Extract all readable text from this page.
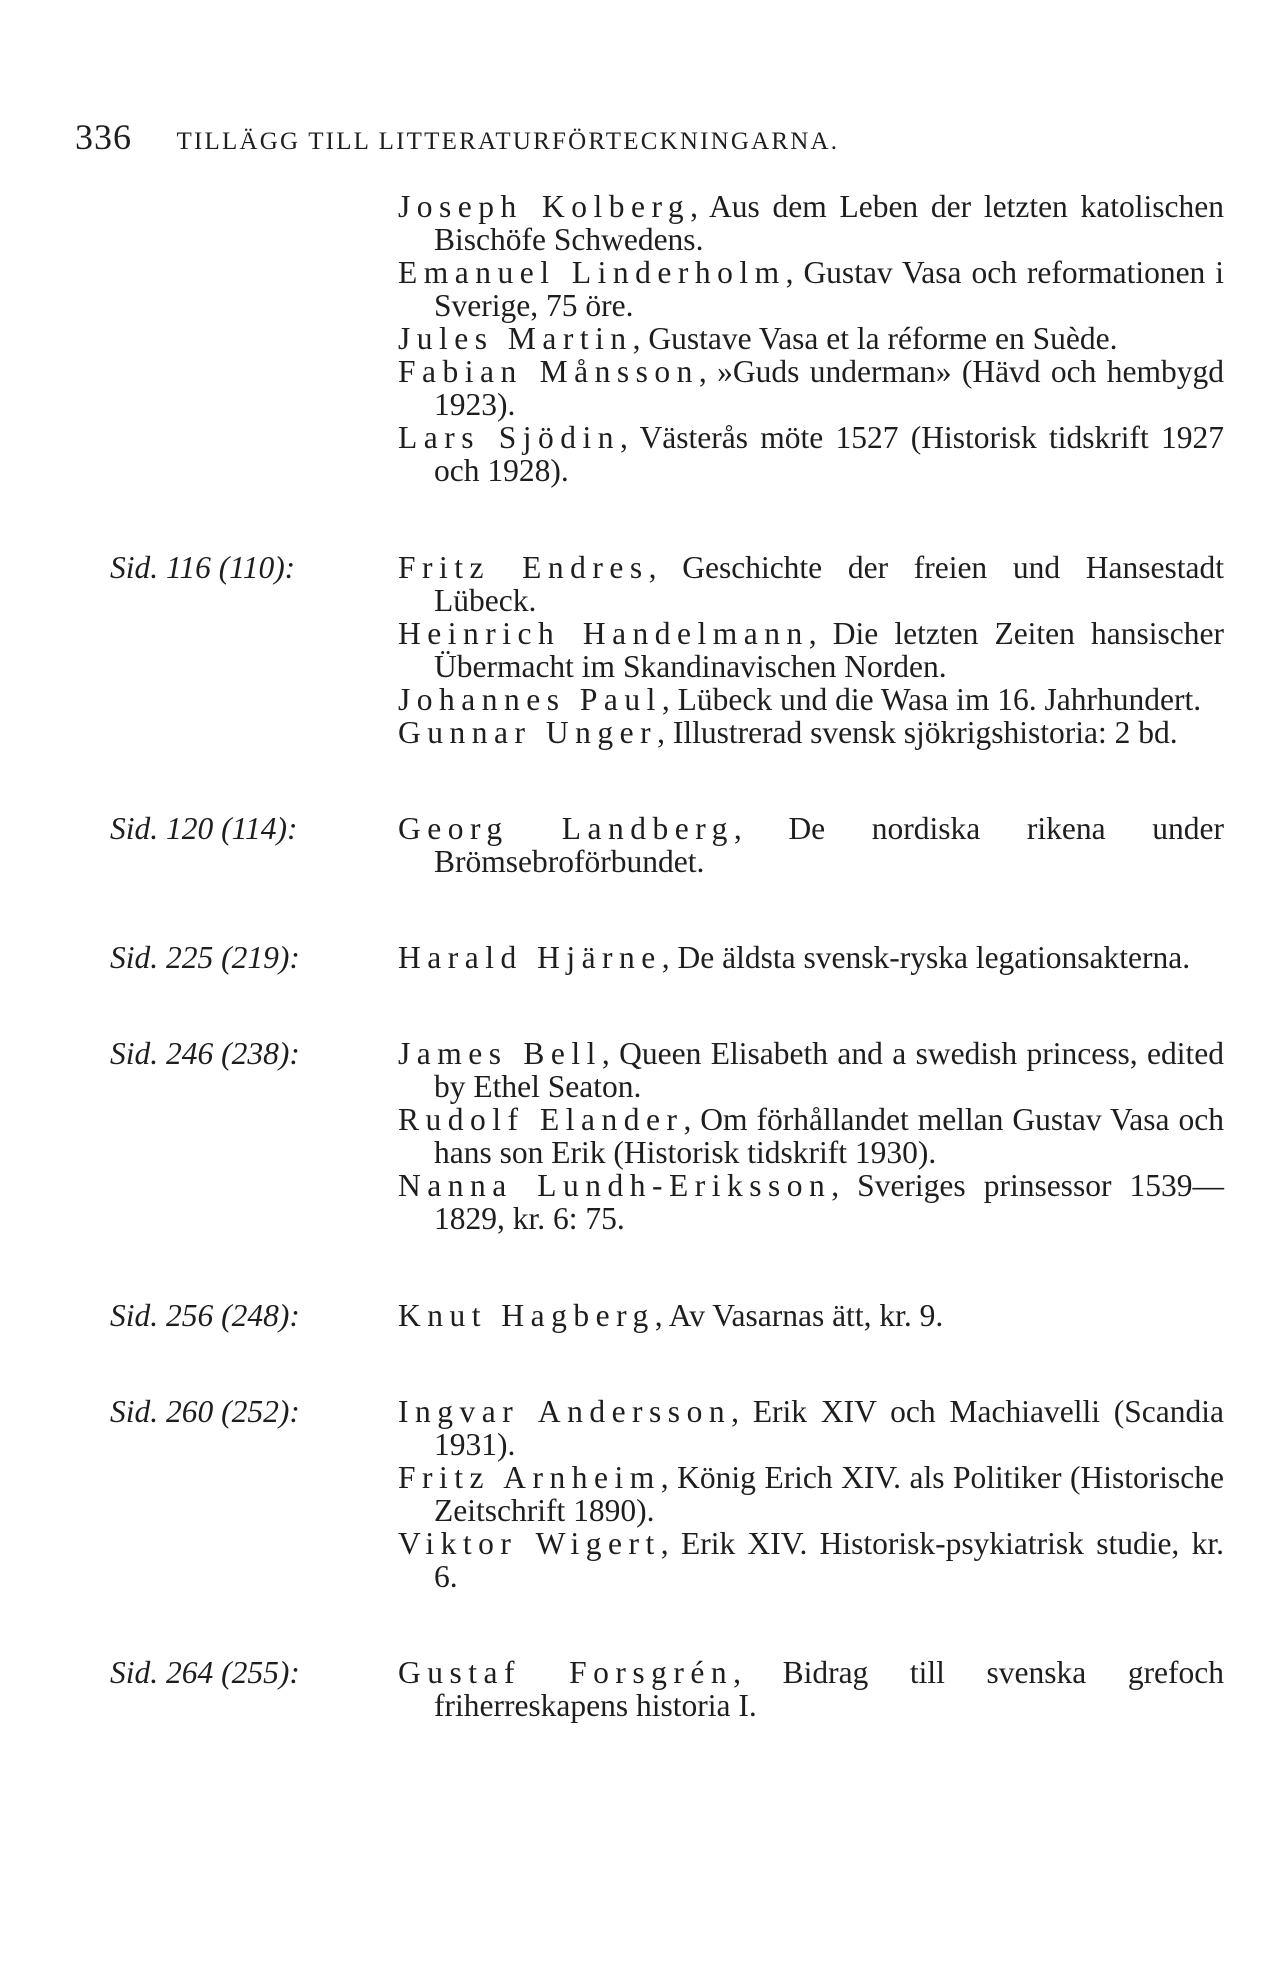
336 TILLÄGG TILL LITTERATURFÖRTECKNINGARNA.
Joseph Kolberg , Aus dem Leben der letzten katolischen Bischöfe Schwedens.
Emanuel Linderholm , Gustav Vasa och reformationen i Sverige, 75 öre.
Jules Martin , Gustave Vasa et la réforme en Suède.
Fabian Månsson , »Guds underman» (Hävd och hembygd 1923).
Lars Sjödin , Västerås möte 1527 (Historisk tidskrift 1927 och 1928).
Sid. 116 (110):	Fritz Endres , Geschichte der freien und Hansestadt Lübeck.
Heinrich Handelmann , Die letzten Zeiten hansischer Übermacht im Skandinavischen Norden.
Johannes Paul , Lübeck und die Wasa im 16. Jahrhundert.
Gunnar Unger , Illustrerad svensk sjökrigshistoria: 2 bd.
Sid. 120 (114):	Georg Landberg , De nordiska rikena under Brömsebroförbundet.
Sid. 225 (219):	Harald Hjärne , De äldsta svensk-ryska legationsakterna.
Sid. 246 (238):	James Bell , Queen Elisabeth and a swedish princess, edited by Ethel Seaton.
Rudolf Elander , Om förhållandet mellan Gustav Vasa och hans son Erik (Historisk tidskrift 1930).
Nanna Lundh-Eriksson , Sveriges prinsessor 1539—1829, kr. 6: 75.
Sid. 256 (248):	Knut Hagberg , Av Vasarnas ätt, kr. 9.
Sid. 260 (252):	Ingvar Andersson , Erik XIV och Machiavelli (Scandia 1931).
Fritz Arnheim , König Erich XIV. als Politiker (Historische Zeitschrift 1890).
Viktor Wigert , Erik XIV. Historisk-psykiatrisk studie, kr. 6.
Sid. 264 (255):	Gustaf Forsgrén , Bidrag till svenska grefoch friherreskapens historia I.
